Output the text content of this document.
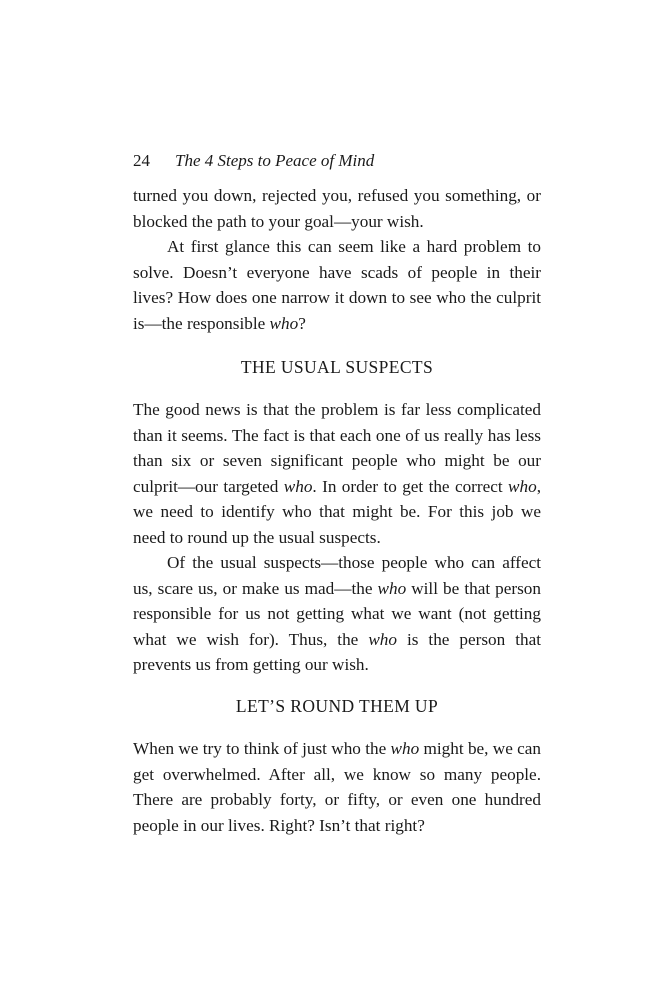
24 The 4 Steps to Peace of Mind

turned you down, rejected you, refused you something, or blocked the path to your goal—your wish.

At first glance this can seem like a hard problem to solve. Doesn’t everyone have scads of people in their lives? How does one narrow it down to see who the culprit is—the responsible who?

THE USUAL SUSPECTS

The good news is that the problem is far less complicated than it seems. The fact is that each one of us really has less than six or seven significant people who might be our culprit—our targeted who. In order to get the correct who, we need to identify who that might be. For this job we need to round up the usual suspects.

Of the usual suspects—those people who can affect us, scare us, or make us mad—the who will be that person responsible for us not getting what we want (not getting what we wish for). Thus, the who is the person that prevents us from getting our wish.

LET’S ROUND THEM UP

When we try to think of just who the who might be, we can get overwhelmed. After all, we know so many people. There are probably forty, or fifty, or even one hundred people in our lives. Right? Isn’t that right?
